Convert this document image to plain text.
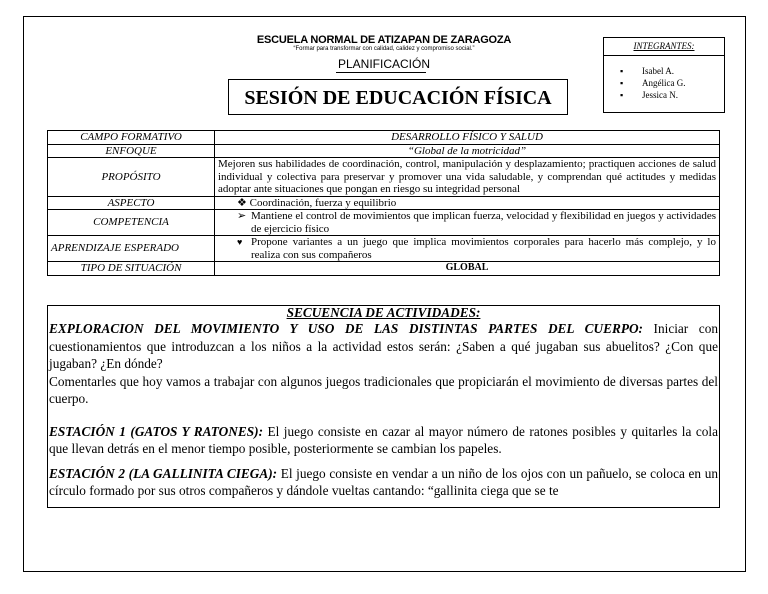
ESCUELA NORMAL DE ATIZAPAN DE ZARAGOZA
“Formar para transformar con calidad, calidez y compromiso social.”
PLANIFICACIÓN
SESIÓN DE EDUCACIÓN FÍSICA
INTEGRANTES:
▪	Isabel A.
▪	Angélica G.
▪	Jessica N.
CAMPO FORMATIVO	DESARROLLO FÍSICO Y SALUD
ENFOQUE	“Global de la motricidad”
PROPÓSITO	Mejoren sus habilidades de coordinación, control, manipulación y desplazamiento; practiquen acciones de salud individual y colectiva para preservar y promover una vida saludable, y comprendan qué actitudes y medidas adoptar ante situaciones que pongan en riesgo su integridad personal
ASPECTO	❖ Coordinación, fuerza y equilibrio
COMPETENCIA	➢ Mantiene el control de movimientos que implican fuerza, velocidad y flexibilidad en juegos y actividades de ejercicio físico

APRENDIZAJE ESPERADO	♥ Propone variantes a un juego que implica movimientos corporales para hacerlo más complejo, y lo realiza con sus compañeros

TIPO DE SITUACIÓN	GLOBAL

SECUENCIA DE ACTIVIDADES:

EXPLORACION DEL MOVIMIENTO Y USO DE LAS DISTINTAS PARTES DEL CUERPO: Iniciar con cuestionamientos que introduzcan a los niños a la actividad estos serán: ¿Saben a qué jugaban sus abuelitos? ¿Con que jugaban? ¿En dónde?

Comentarles que hoy vamos a trabajar con algunos juegos tradicionales que propiciarán el movimiento de diversas partes del cuerpo.

ESTACIÓN 1 (GATOS Y RATONES): El juego consiste en cazar al mayor número de ratones posibles y quitarles la cola que llevan detrás en el menor tiempo posible, posteriormente se cambian los papeles.

ESTACIÓN 2 (LA GALLINITA CIEGA): El juego consiste en vendar a un niño de los ojos con un pañuelo, se coloca en un círculo formado por sus otros compañeros y dándole vueltas cantando: “gallinita ciega que se te
